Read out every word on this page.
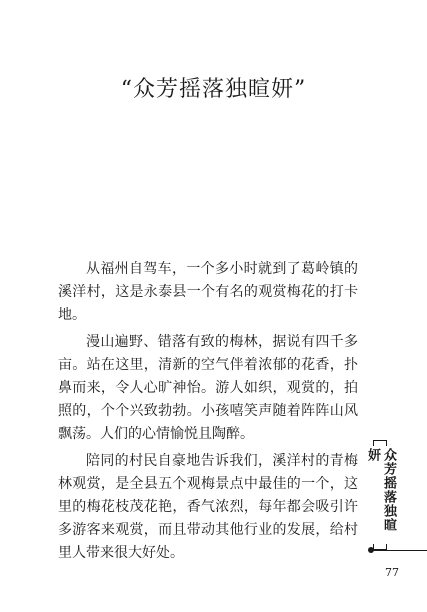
“众芳摇落独暄妍”

从福州自驾车，一个多小时就到了葛岭镇的溪洋村，这是永泰县一个有名的观赏梅花的打卡地。

漫山遍野、错落有致的梅林，据说有四千多亩。站在这里，清新的空气伴着浓郁的花香，扑鼻而来，令人心旷神怡。游人如织，观赏的，拍照的，个个兴致勃勃。小孩嘻笑声随着阵阵山风飘荡。人们的心情愉悦且陶醉。

陪同的村民自豪地告诉我们，溪洋村的青梅林观赏，是全县五个观梅景点中最佳的一个，这里的梅花枝茂花艳，香气浓烈，每年都会吸引许多游客来观赏，而且带动其他行业的发展，给村里人带来很大好处。

众芳摇落独暄妍
77
